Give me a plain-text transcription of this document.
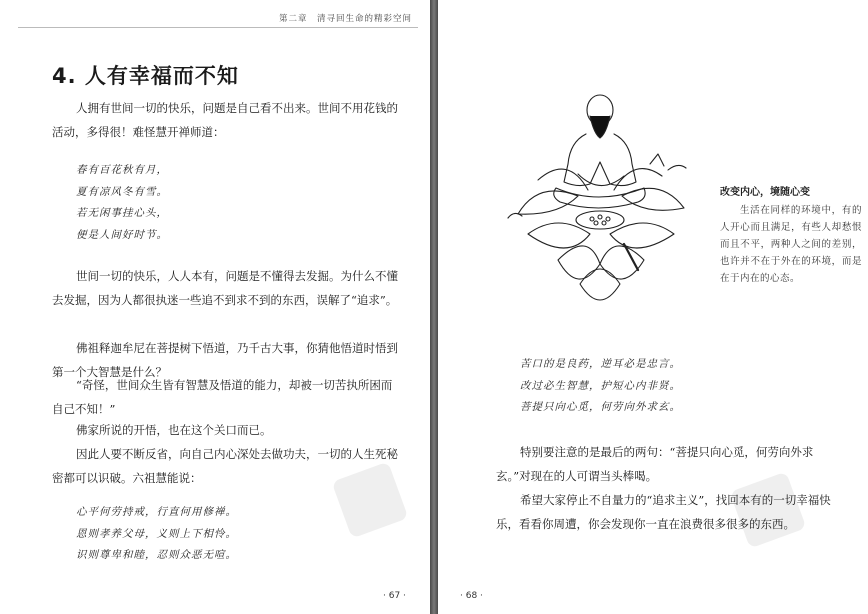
第二章　清寻回生命的精彩空间
4. 人有幸福而不知

人拥有世间一切的快乐，问题是自己看不出来。世间不用花钱的活动，多得很！难怪慧开禅师道：

春有百花秋有月，
夏有凉风冬有雪。
若无闲事挂心头，
便是人间好时节。

世间一切的快乐，人人本有，问题是不懂得去发掘。为什么不懂去发掘，因为人都很执迷一些追不到求不到的东西，误解了“追求”。

佛祖释迦牟尼在菩提树下悟道，乃千古大事，你猜他悟道时悟到第一个大智慧是什么？

“奇怪，世间众生皆有智慧及悟道的能力，却被一切苦执所困而自己不知！”

佛家所说的开悟，也在这个关口而已。

因此人要不断反省，向自己内心深处去做功夫，一切的人生死秘密都可以识破。六祖慧能说：

心平何劳持戒，行直何用修禅。
恩则孝养父母，义则上下相怜。
识则尊卑和睦，忍则众恶无喧。
· 67 ·
改变内心，境随心变

生活在同样的环境中，有的人开心而且满足，有些人却愁恨而且不平，两种人之间的差别，也许并不在于外在的环境，而是在于内在的心态。

苦口的是良药，逆耳必是忠言。
改过必生智慧，护短心内非贤。
菩提只向心觅，何劳向外求玄。

特别要注意的是最后的两句：“菩提只向心觅，何劳向外求玄。”对现在的人可谓当头棒喝。

希望大家停止不自量力的“追求主义”，找回本有的一切幸福快乐，看看你周遭，你会发现你一直在浪费很多很多的东西。

· 68 ·
